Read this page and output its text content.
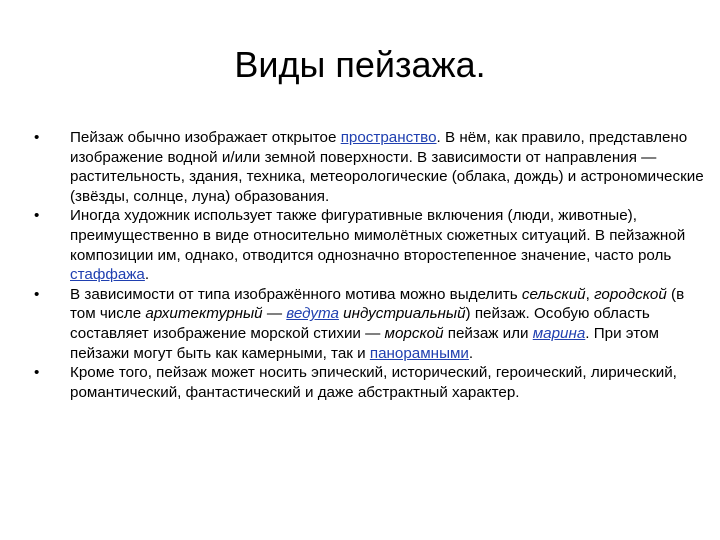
Виды пейзажа.

•	Пейзаж обычно изображает открытое пространство. В нём, как правило, представлено изображение водной и/или земной поверхности. В зависимости от направления — растительность, здания, техника, метеорологические (облака, дождь) и астрономические (звёзды, солнце, луна) образования.

•	Иногда художник использует также фигуративные включения (люди, животные), преимущественно в виде относительно мимолётных сюжетных ситуаций. В пейзажной композиции им, однако, отводится однозначно второстепенное значение, часто роль стаффажа.

•	В зависимости от типа изображённого мотива можно выделить сельский, городской (в том числе архитектурный — ведута индустриальный) пейзаж. Особую область составляет изображение морской стихии — морской пейзаж или марина. При этом пейзажи могут быть как камерными, так и панорамными.

•	Кроме того, пейзаж может носить эпический, исторический, героический, лирический, романтический, фантастический и даже абстрактный характер.
